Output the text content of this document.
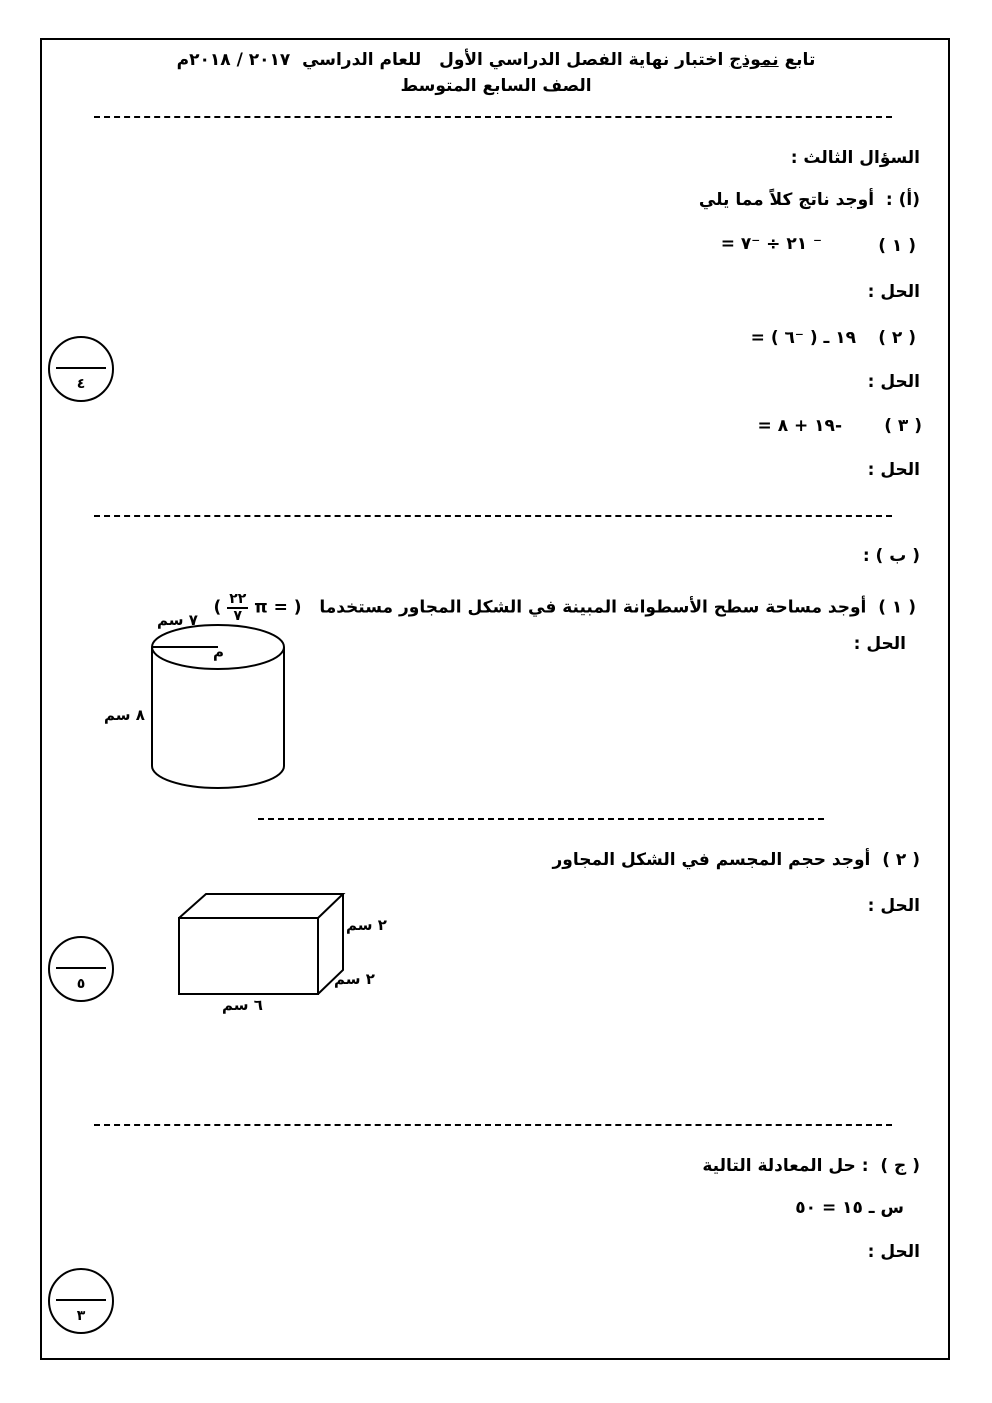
تابع نموذج اختبار نهاية الفصل الدراسي الأول   للعام الدراسي  ٢٠١٧ / ٢٠١٨م
الصف السابع المتوسط
السؤال الثالث :
(أ) :  أوجد ناتج كلاً مما يلي
( ١ )
⁻ ٢١ ÷ ⁻٧ =
الحل :
( ٢ )
١٩ ـ ( ⁻٦ ) =
الحل :
( ٣ )
-١٩ + ٨ =
الحل :
٤
( ب ) :
( ١ )  أوجد مساحة سطح الأسطوانة المبينة في الشكل المجاور مستخدما   ( π =
$\frac{٢٢}{٧}$
)
الحل :
٧ سم
م
٨ سم
( ٢ )  أوجد حجم المجسم في الشكل المجاور
الحل :
٢ سم
٢ سم
٦ سم
٥
( ج )  : حل المعادلة التالية
س ـ ١٥ = ٥٠
الحل :
٣
